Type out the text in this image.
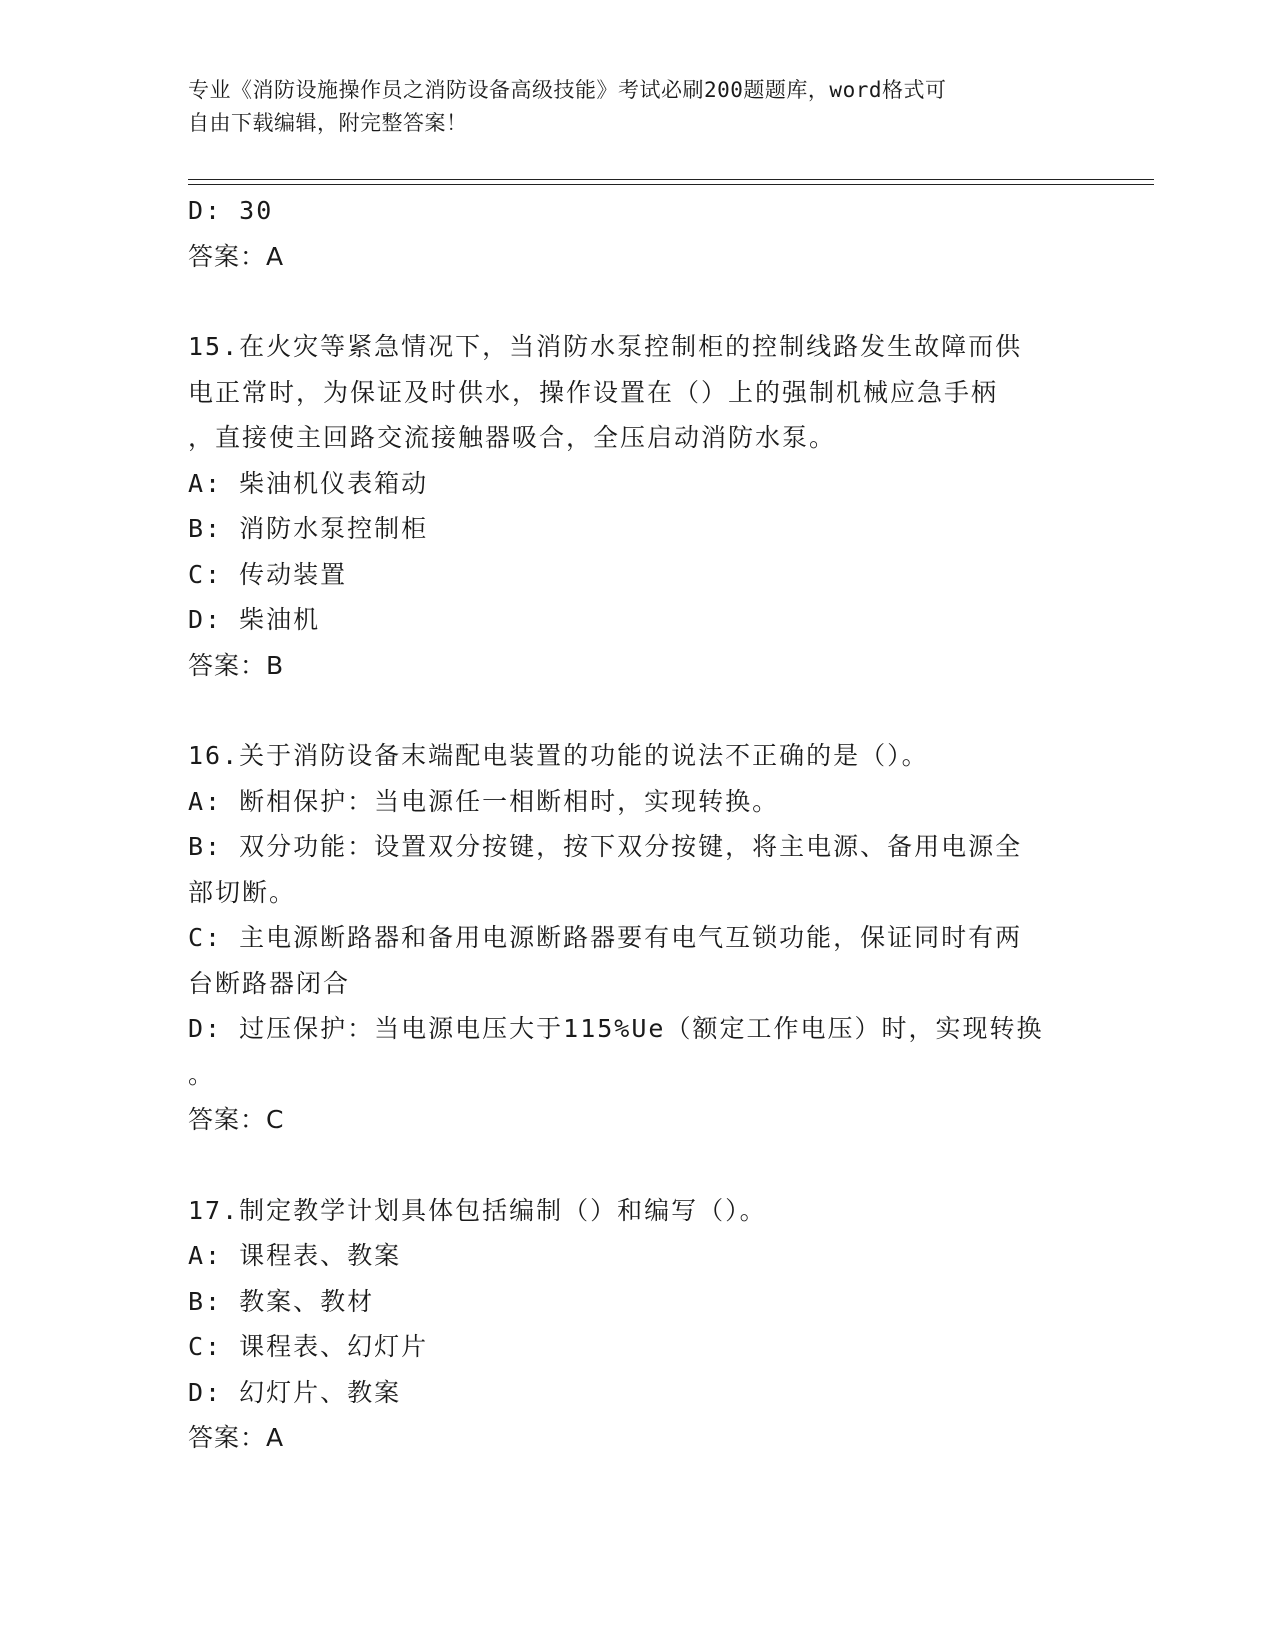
专业《消防设施操作员之消防设备高级技能》考试必刷200题题库，word格式可
自由下载编辑，附完整答案！
D: 30
答案：A
15.在火灾等紧急情况下，当消防水泵控制柜的控制线路发生故障而供
电正常时，为保证及时供水，操作设置在（）上的强制机械应急手柄
，直接使主回路交流接触器吸合，全压启动消防水泵。
A: 柴油机仪表箱动
B: 消防水泵控制柜
C: 传动装置
D: 柴油机
答案：B
16.关于消防设备末端配电装置的功能的说法不正确的是（）。
A: 断相保护：当电源任一相断相时，实现转换。
B: 双分功能：设置双分按键，按下双分按键，将主电源、备用电源全
部切断。
C: 主电源断路器和备用电源断路器要有电气互锁功能，保证同时有两
台断路器闭合
D: 过压保护：当电源电压大于115%Ue（额定工作电压）时，实现转换
。
答案：C
17.制定教学计划具体包括编制（）和编写（）。
A: 课程表、教案
B: 教案、教材
C: 课程表、幻灯片
D: 幻灯片、教案
答案：A
